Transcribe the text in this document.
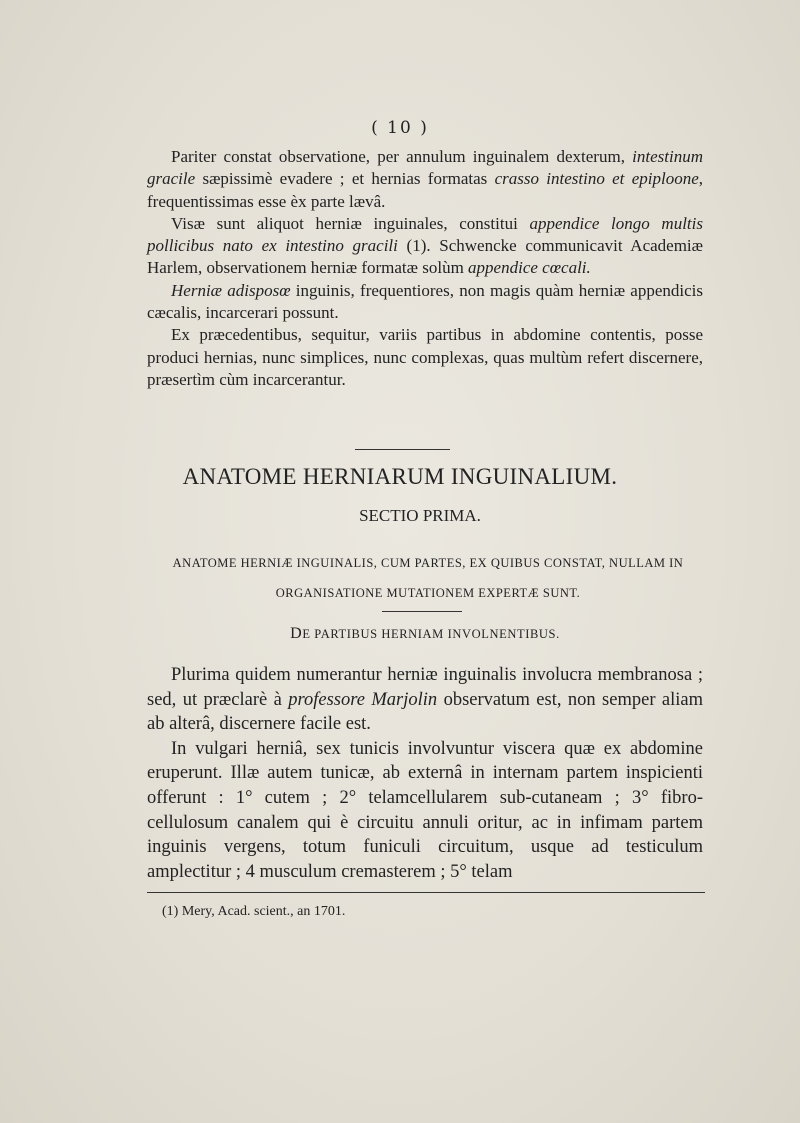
( 10 )

Pariter constat observatione, per annulum inguinalem dexterum, intestinum gracile sæpissimè evadere ; et hernias formatas crasso intestino et epiploone, frequentissimas esse èx parte lævâ.

Visæ sunt aliquot herniæ inguinales, constitui appendice longo multis pollicibus nato ex intestino gracili (1). Schwencke communicavit Academiæ Harlem, observationem herniæ formatæ solùm appendice cœcali.

Herniæ adisposœ inguinis, frequentiores, non magis quàm herniæ appendicis cæcalis, incarcerari possunt.

Ex præcedentibus, sequitur, variis partibus in abdomine contentis, posse produci hernias, nunc simplices, nunc complexas, quas multùm refert discernere, præsertìm cùm incarcerantur.

ANATOME HERNIARUM INGUINALIUM.
SECTIO PRIMA.
ANATOME HERNIÆ INGUINALIS, CUM PARTES, EX QUIBUS CONSTAT, NULLAM IN ORGANISATIONE MUTATIONEM EXPERTÆ SUNT.
DE PARTIBUS HERNIAM INVOLNENTIBUS.

Plurima quidem numerantur herniæ inguinalis involucra membranosa ; sed, ut præclarè à professore Marjolin observatum est, non semper aliam ab alterâ, discernere facile est.

In vulgari herniâ, sex tunicis involvuntur viscera quæ ex abdomine eruperunt. Illæ autem tunicæ, ab externâ in internam partem inspicienti offerunt : 1° cutem ; 2° telamcellularem sub-cutaneam ; 3° fibro-cellulosum canalem qui è circuitu annuli oritur, ac in infimam partem inguinis vergens, totum funiculi circuitum, usque ad testiculum amplectitur ; 4 musculum cremasterem ; 5° telam

(1) Mery, Acad. scient., an 1701.
